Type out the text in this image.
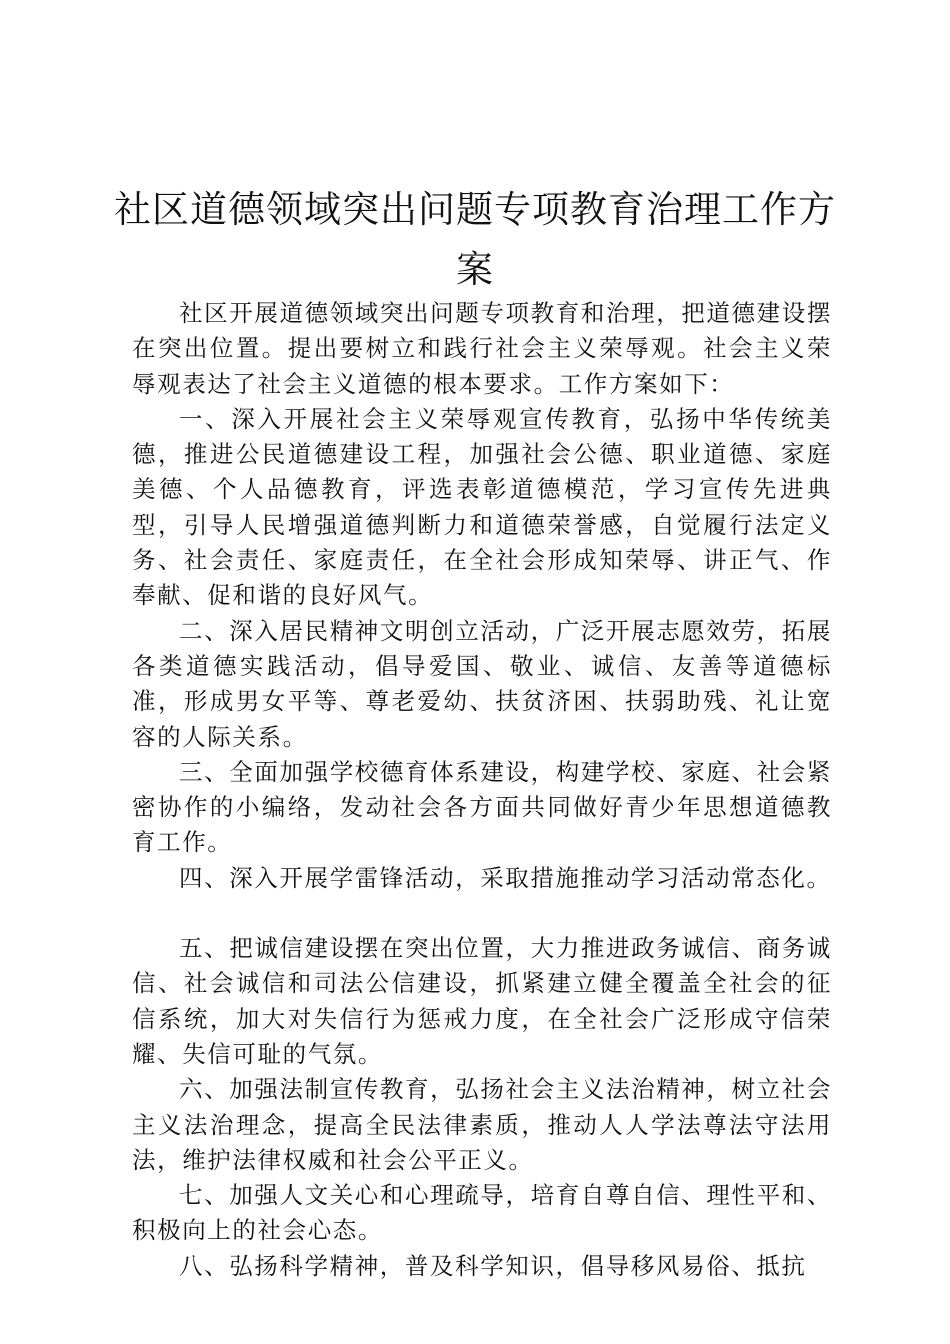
社区道德领域突出问题专项教育治理工作方
案

社区开展道德领域突出问题专项教育和治理，把道德建设摆在突出位置。提出要树立和践行社会主义荣辱观。社会主义荣辱观表达了社会主义道德的根本要求。工作方案如下：

一、深入开展社会主义荣辱观宣传教育，弘扬中华传统美德，推进公民道德建设工程，加强社会公德、职业道德、家庭美德、个人品德教育，评选表彰道德模范，学习宣传先进典型，引导人民增强道德判断力和道德荣誉感，自觉履行法定义务、社会责任、家庭责任，在全社会形成知荣辱、讲正气、作奉献、促和谐的良好风气。

二、深入居民精神文明创立活动，广泛开展志愿效劳，拓展各类道德实践活动，倡导爱国、敬业、诚信、友善等道德标准，形成男女平等、尊老爱幼、扶贫济困、扶弱助残、礼让宽容的人际关系。

三、全面加强学校德育体系建设，构建学校、家庭、社会紧密协作的小编络，发动社会各方面共同做好青少年思想道德教育工作。

四、深入开展学雷锋活动，采取措施推动学习活动常态化。

五、把诚信建设摆在突出位置，大力推进政务诚信、商务诚信、社会诚信和司法公信建设，抓紧建立健全覆盖全社会的征信系统，加大对失信行为惩戒力度，在全社会广泛形成守信荣耀、失信可耻的气氛。

六、加强法制宣传教育，弘扬社会主义法治精神，树立社会主义法治理念，提高全民法律素质，推动人人学法尊法守法用法，维护法律权威和社会公平正义。

七、加强人文关心和心理疏导，培育自尊自信、理性平和、积极向上的社会心态。

八、弘扬科学精神，普及科学知识，倡导移风易俗、抵抗
